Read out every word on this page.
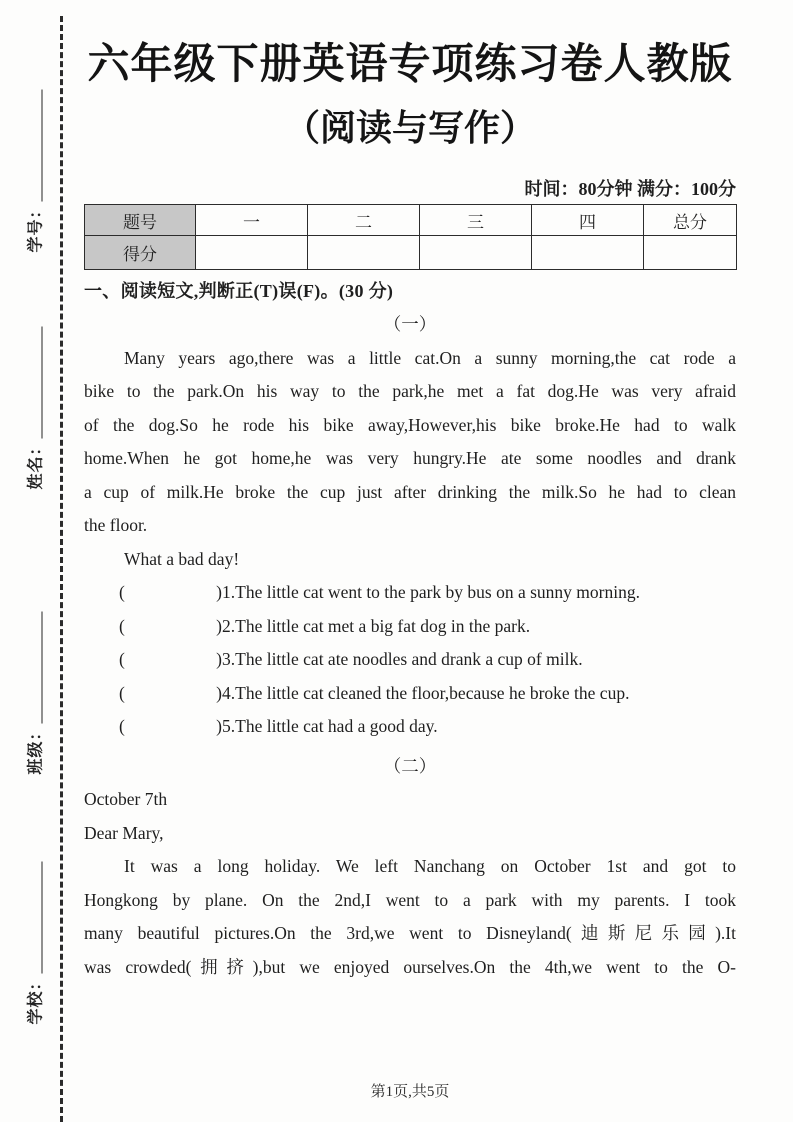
学号：
姓名：
班级：
学校：
六年级下册英语专项练习卷人教版
（阅读与写作）
时间：80分钟 满分：100分
题号	一	二	三	四	总分
得分					
一、阅读短文,判断正(T)误(F)。(30 分)
（一）
Many years ago,there was a little cat.On a sunny morning,the cat rode a
bike to the park.On his way to the park,he met a fat dog.He was very afraid
of the dog.So he rode his bike away,However,his bike broke.He had to walk
home.When he got home,he was very hungry.He ate some noodles and drank
a cup of milk.He broke the cup just after drinking the milk.So he had to clean
the floor.
What a bad day!
(	) 1.The little cat went to the park by bus on a sunny morning.
(	) 2.The little cat met a big fat dog in the park.
(	) 3.The little cat ate noodles and drank a cup of milk.
(	) 4.The little cat cleaned the floor,because he broke the cup.
(	) 5.The little cat had a good day.
（二）
October 7th
Dear Mary,
It was a long holiday. We left Nanchang on October 1st and got to
Hongkong by plane. On the 2nd,I went to a park with my parents. I took
many beautiful pictures.On the 3rd,we went to Disneyland(迪斯尼乐园).It
was crowded(拥挤),but we enjoyed ourselves.On the 4th,we went to the O-
第1页,共5页
